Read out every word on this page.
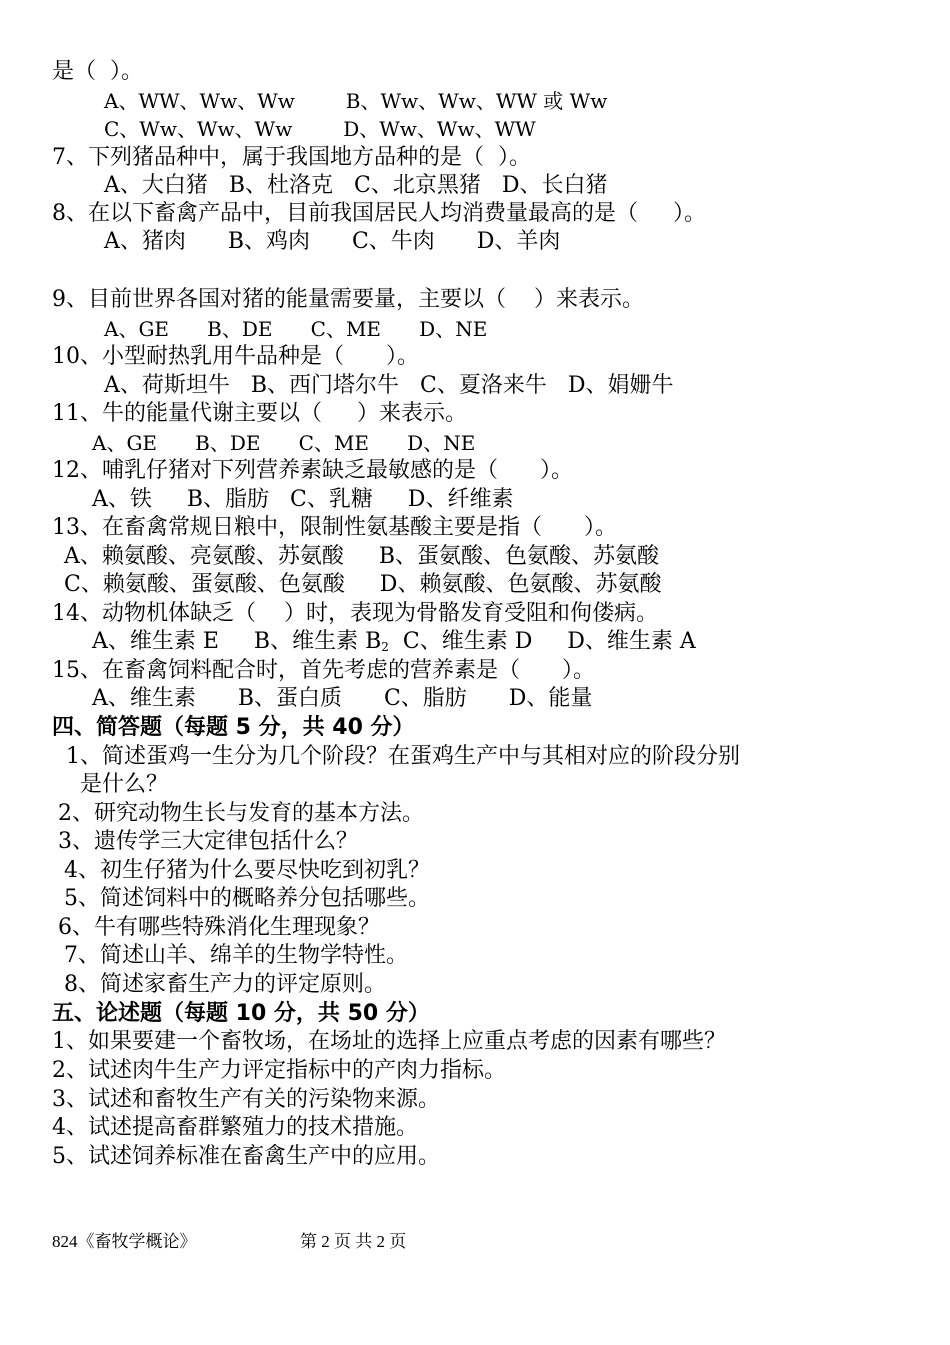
是（  ）。
A、WW、Ww、Ww        B、Ww、Ww、WW 或 Ww
C、Ww、Ww、Ww        D、Ww、Ww、WW
7、下列猪品种中，属于我国地方品种的是（  ）。
A、大白猪   B、杜洛克   C、北京黑猪   D、长白猪
8、在以下畜禽产品中，目前我国居民人均消费量最高的是（     ）。
A、猪肉      B、鸡肉      C、牛肉      D、羊肉
9、目前世界各国对猪的能量需要量，主要以（    ）来表示。
A、GE      B、DE      C、ME      D、NE
10、小型耐热乳用牛品种是（      ）。
A、荷斯坦牛   B、西门塔尔牛   C、夏洛来牛   D、娟姗牛
11、牛的能量代谢主要以（     ）来表示。
A、GE      B、DE      C、ME      D、NE
12、哺乳仔猪对下列营养素缺乏最敏感的是（      ）。
A、铁     B、脂肪   C、乳糖     D、纤维素
13、在畜禽常规日粮中，限制性氨基酸主要是指（      ）。
A、赖氨酸、亮氨酸、苏氨酸     B、蛋氨酸、色氨酸、苏氨酸
C、赖氨酸、蛋氨酸、色氨酸     D、赖氨酸、色氨酸、苏氨酸
14、动物机体缺乏（    ）时，表现为骨骼发育受阻和佝偻病。
A、维生素 E     B、维生素 $B_2$  C、维生素 D     D、维生素 A
15、在畜禽饲料配合时，首先考虑的营养素是（      ）。
A、维生素      B、蛋白质      C、脂肪      D、能量
四、简答题（每题 5 分，共 40 分）
1、简述蛋鸡一生分为几个阶段？在蛋鸡生产中与其相对应的阶段分别
是什么？
2、研究动物生长与发育的基本方法。
3、遗传学三大定律包括什么？
4、初生仔猪为什么要尽快吃到初乳？
5、简述饲料中的概略养分包括哪些。
6、牛有哪些特殊消化生理现象？
7、简述山羊、绵羊的生物学特性。
8、简述家畜生产力的评定原则。
五、论述题（每题 10 分，共 50 分）
1、如果要建一个畜牧场，在场址的选择上应重点考虑的因素有哪些？
2、试述肉牛生产力评定指标中的产肉力指标。
3、试述和畜牧生产有关的污染物来源。
4、试述提高畜群繁殖力的技术措施。
5、试述饲养标准在畜禽生产中的应用。
824《畜牧学概论》	第 2 页 共 2 页
